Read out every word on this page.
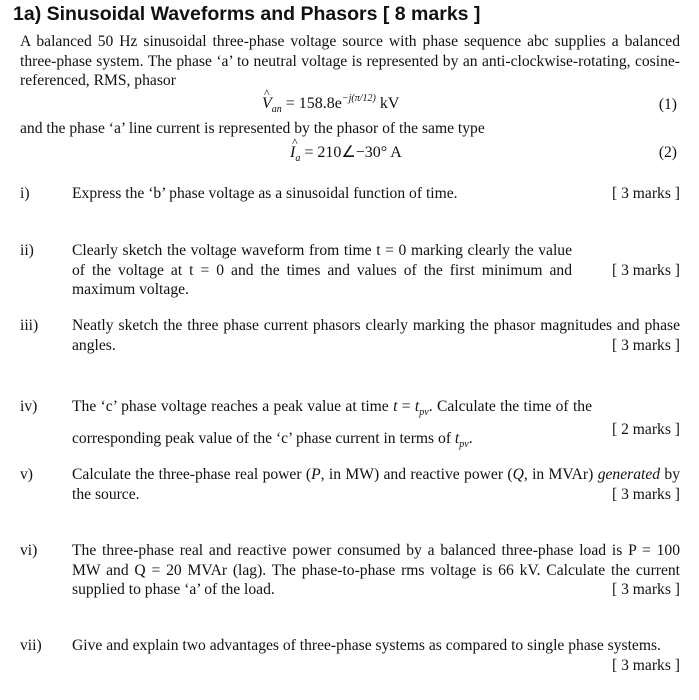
1a) Sinusoidal Waveforms and Phasors [ 8 marks ]
A balanced 50 Hz sinusoidal three-phase voltage source with phase sequence abc supplies a balanced three-phase system. The phase ‘a’ to neutral voltage is represented by an anti-clockwise-rotating, cosine-referenced, RMS, phasor
V $\^{}_{an} = 158.8e^{-j(\pi/12)}$ kV	(1)
and the phase ‘a’ line current is represented by the phasor of the same type
I $\^{}_a$ = 210∠−30° A	(2)
i)	Express the ‘b’ phase voltage as a sinusoidal function of time.	[ 3 marks ]
ii) Clearly sketch the voltage waveform from time t = 0 marking clearly the value of the voltage at t = 0 and the times and values of the first minimum and maximum voltage.
[ 3 marks ]
iii) Neatly sketch the three phase current phasors clearly marking the phasor magnitudes and phase angles.	[ 3 marks ]
iv) The ‘c’ phase voltage reaches a peak value at time $t = t_{pv}$. Calculate the time of the corresponding peak value of the ‘c’ phase current in terms of $t_{pv}$.
[ 2 marks ]
v)	Calculate the three-phase real power (P, in MW) and reactive power (Q, in MVAr) generated by the source.	[ 3 marks ]
vi) The three-phase real and reactive power consumed by a balanced three-phase load is P = 100 MW and Q = 20 MVAr (lag). The phase-to-phase rms voltage is 66 kV. Calculate the current supplied to phase ‘a’ of the load.	[ 3 marks ]
vii) Give and explain two advantages of three-phase systems as compared to single phase systems.
[ 3 marks ]
